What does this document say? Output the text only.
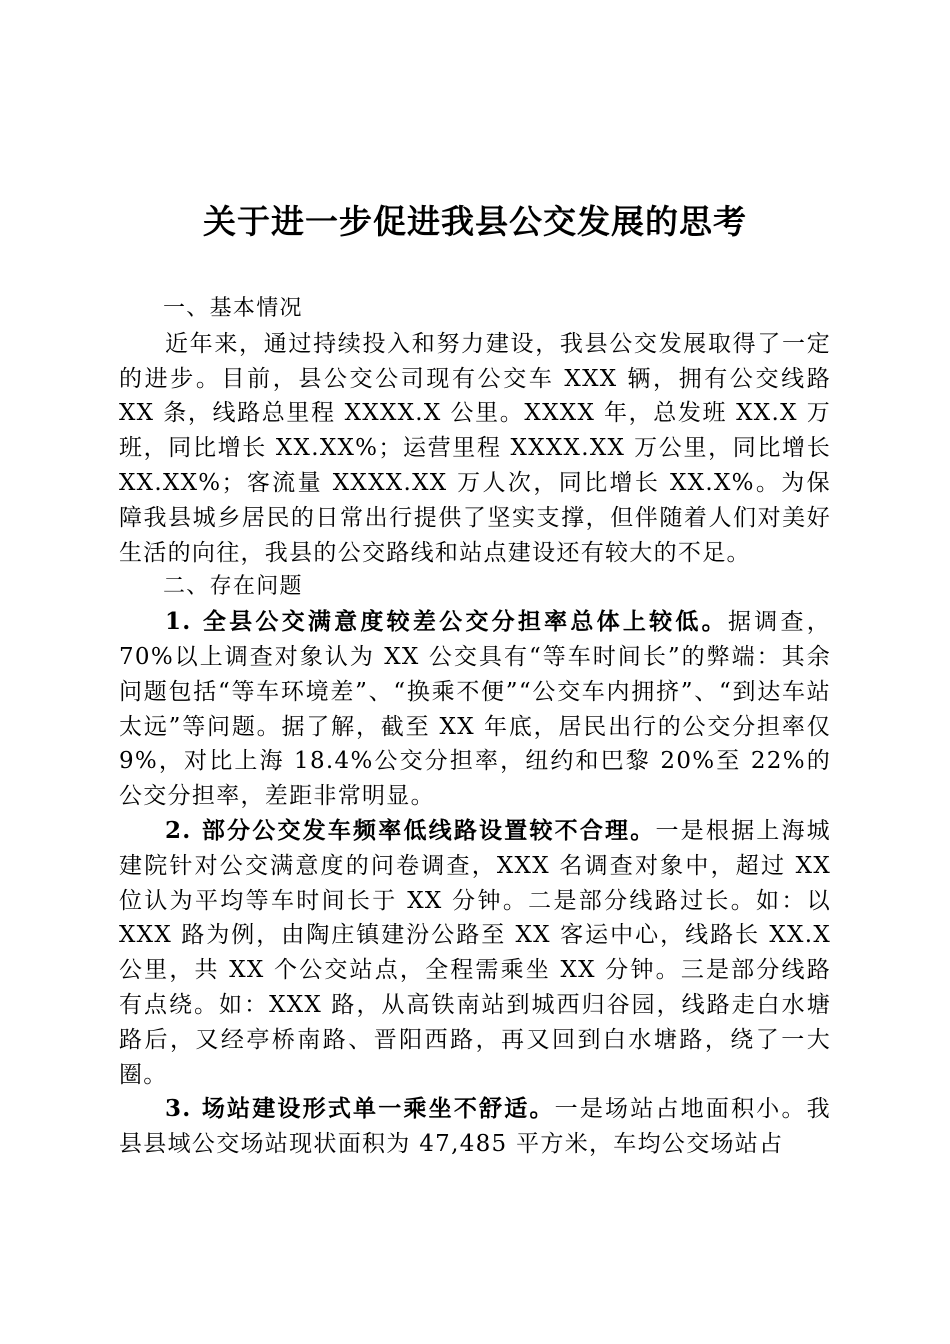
关于进一步促进我县公交发展的思考

一、基本情况

近年来，通过持续投入和努力建设，我县公交发展取得了一定的进步。目前，县公交公司现有公交车 XXX 辆，拥有公交线路 XX 条，线路总里程 XXXX.X 公里。XXXX 年，总发班 XX.X 万班，同比增长 XX.XX%；运营里程 XXXX.XX 万公里，同比增长 XX.XX%；客流量 XXXX.XX 万人次，同比增长 XX.X%。为保障我县城乡居民的日常出行提供了坚实支撑，但伴随着人们对美好生活的向往，我县的公交路线和站点建设还有较大的不足。

二、存在问题

1. 全县公交满意度较差公交分担率总体上较低。据调查，70%以上调查对象认为 XX 公交具有“等车时间长”的弊端：其余问题包括“等车环境差”、“换乘不便”“公交车内拥挤”、“到达车站太远”等问题。据了解，截至 XX 年底，居民出行的公交分担率仅 9%，对比上海 18.4%公交分担率，纽约和巴黎 20%至 22%的公交分担率，差距非常明显。

2. 部分公交发车频率低线路设置较不合理。一是根据上海城建院针对公交满意度的问卷调查，XXX 名调查对象中，超过 XX 位认为平均等车时间长于 XX 分钟。二是部分线路过长。如：以 XXX 路为例，由陶庄镇建汾公路至 XX 客运中心，线路长 XX.X 公里，共 XX 个公交站点，全程需乘坐 XX 分钟。三是部分线路有点绕。如：XXX 路，从高铁南站到城西归谷园，线路走白水塘路后，又经亭桥南路、晋阳西路，再又回到白水塘路，绕了一大圈。

3. 场站建设形式单一乘坐不舒适。一是场站占地面积小。我县县域公交场站现状面积为 47,485 平方米，车均公交场站占
